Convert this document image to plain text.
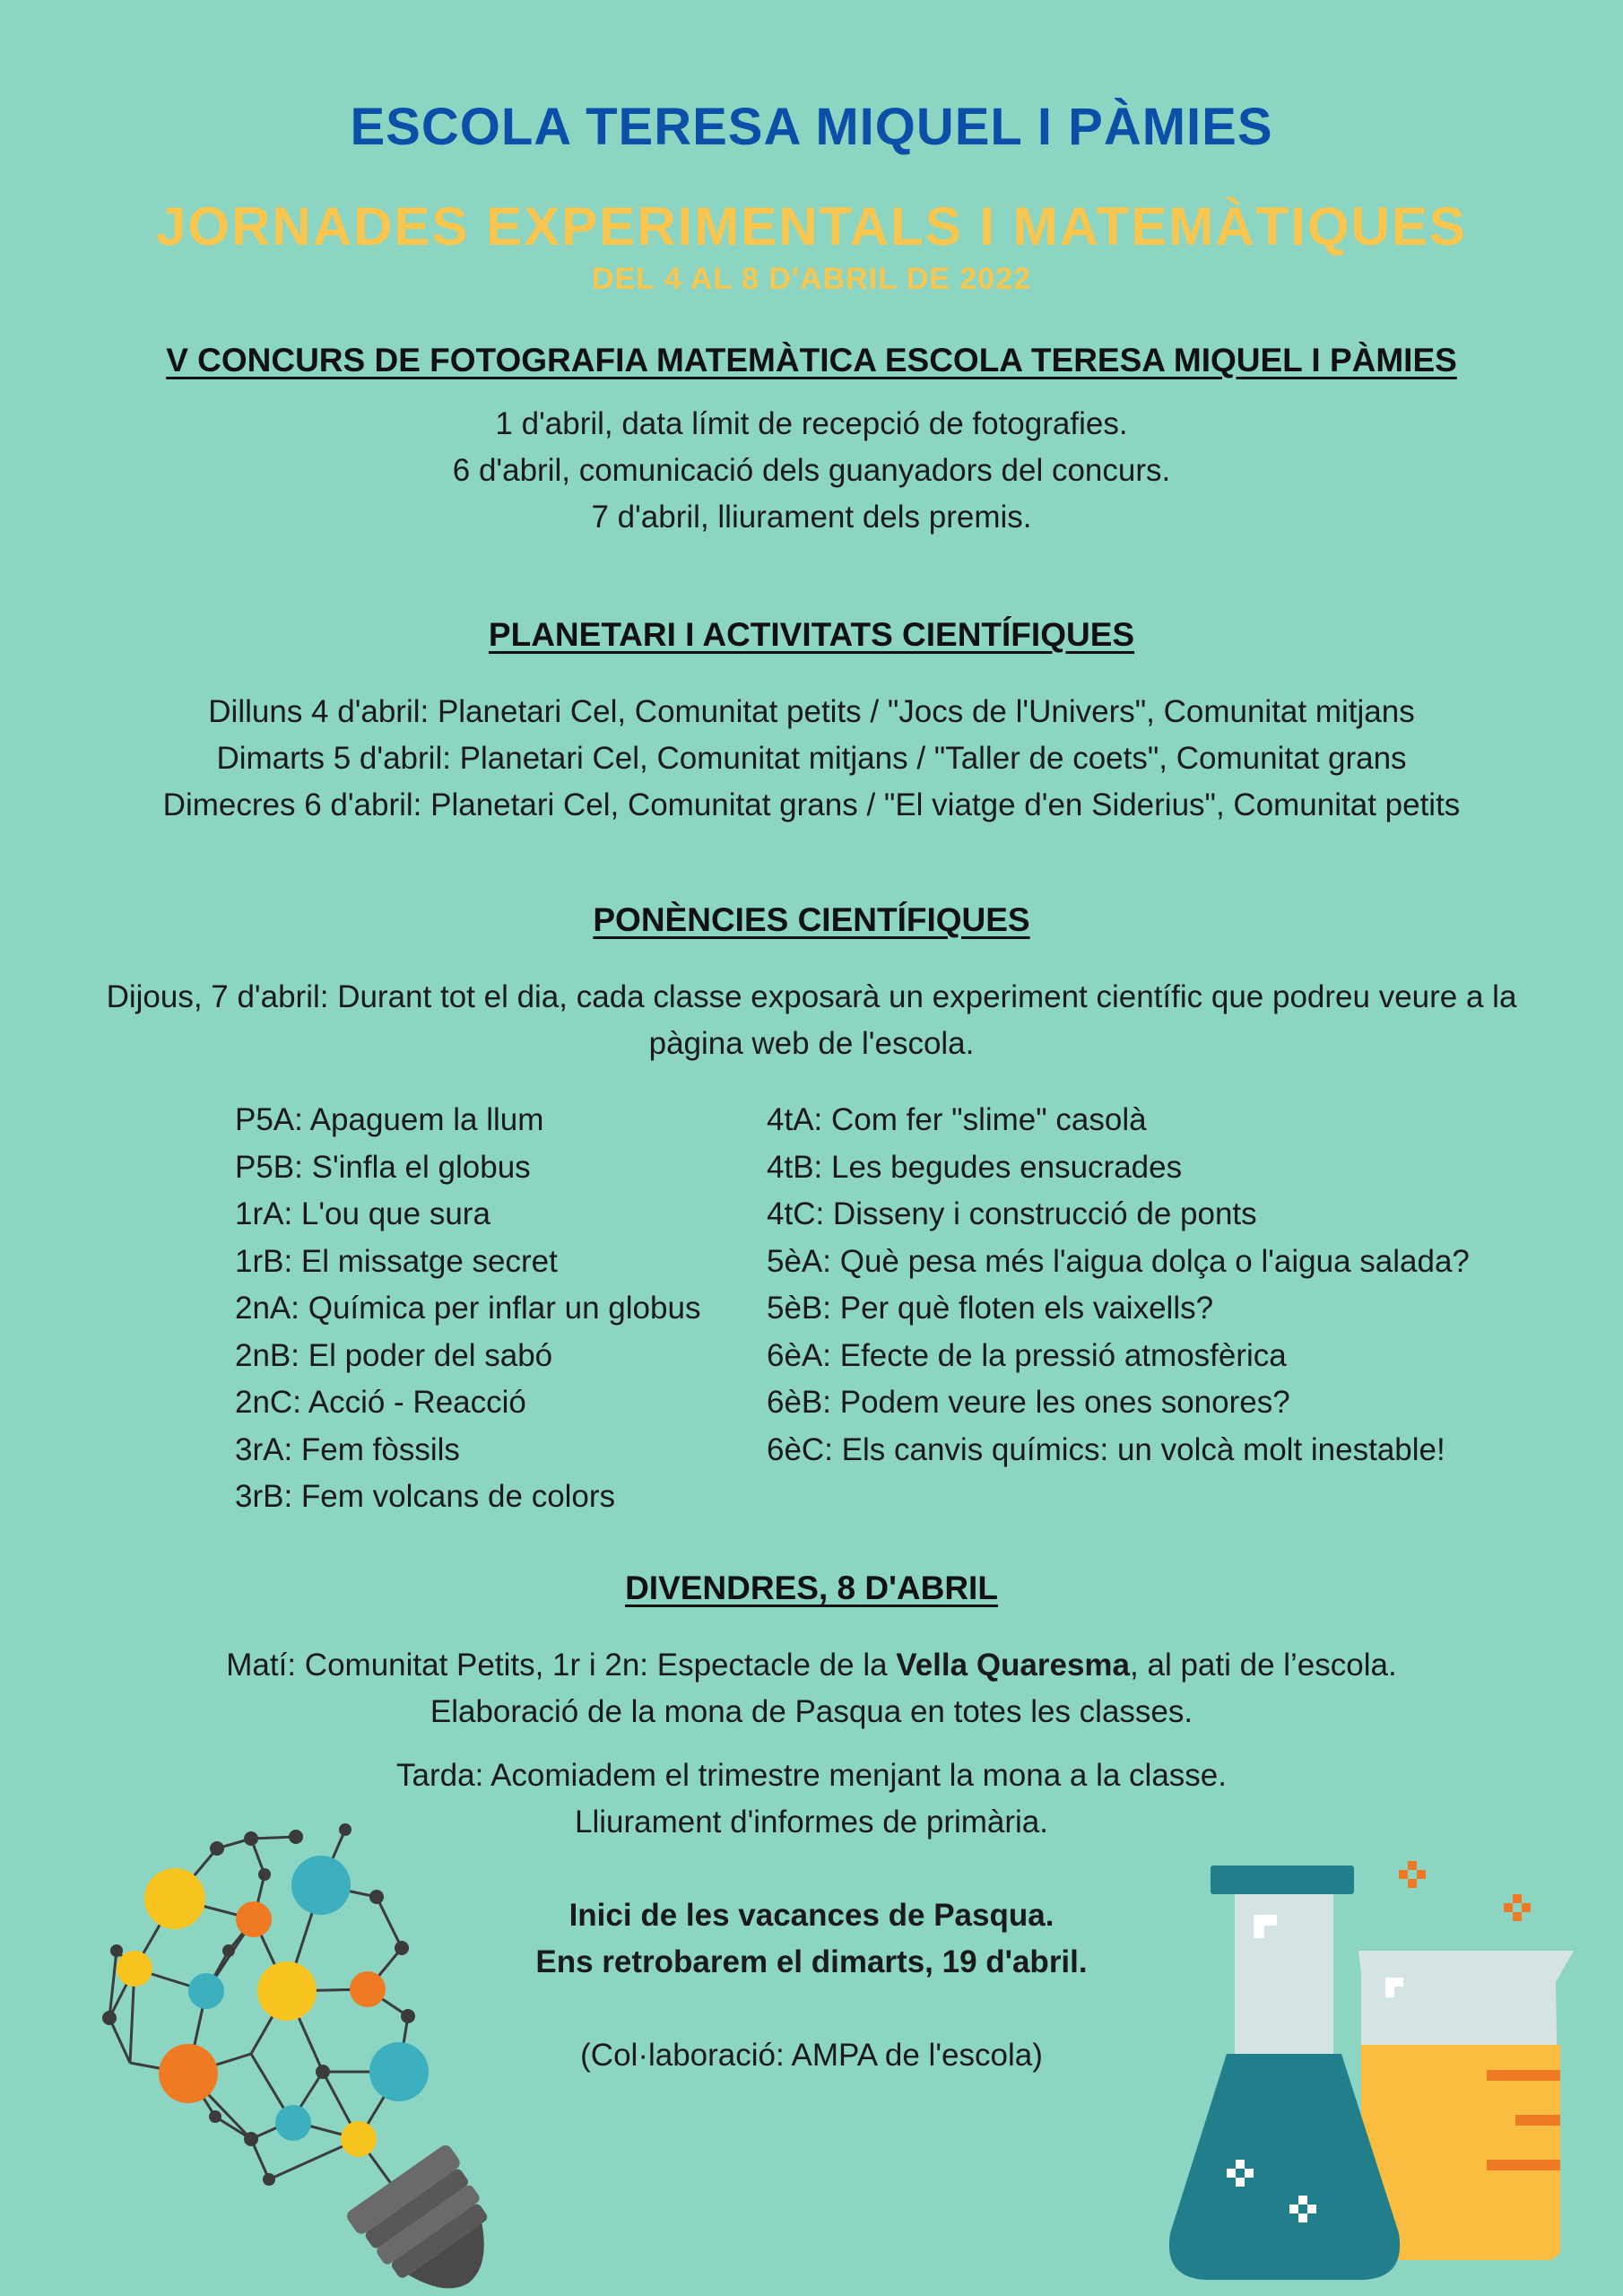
ESCOLA TERESA MIQUEL I PÀMIES
JORNADES EXPERIMENTALS I MATEMÀTIQUES
DEL 4 AL 8 D'ABRIL DE 2022
V CONCURS DE FOTOGRAFIA MATEMÀTICA ESCOLA TERESA MIQUEL I PÀMIES
1 d'abril, data límit de recepció de fotografies.
6 d'abril, comunicació dels guanyadors del concurs.
7 d'abril, lliurament dels premis.
PLANETARI I ACTIVITATS CIENTÍFIQUES
Dilluns 4 d'abril: Planetari Cel, Comunitat petits / "Jocs de l'Univers", Comunitat mitjans
Dimarts 5 d'abril: Planetari Cel, Comunitat mitjans / "Taller de coets", Comunitat grans
Dimecres 6 d'abril: Planetari Cel, Comunitat grans / "El viatge d'en Siderius", Comunitat petits
PONÈNCIES CIENTÍFIQUES
Dijous, 7 d'abril: Durant tot el dia, cada classe exposarà un experiment científic que podreu veure a la pàgina web de l'escola.
P5A: Apaguem la llum
P5B: S'infla el globus
1rA: L'ou que sura
1rB: El missatge secret
2nA: Química per inflar un globus
2nB: El poder del sabó
2nC: Acció - Reacció
3rA: Fem fòssils
3rB: Fem volcans de colors
4tA: Com fer "slime" casolà
4tB: Les begudes ensucrades
4tC: Disseny i construcció de ponts
5èA: Què pesa més l'aigua dolça o l'aigua salada?
5èB: Per què floten els vaixells?
6èA: Efecte de la pressió atmosfèrica
6èB: Podem veure les ones sonores?
6èC: Els canvis químics: un volcà molt inestable!
DIVENDRES, 8 D'ABRIL
Matí: Comunitat Petits, 1r i 2n: Espectacle de la Vella Quaresma, al pati de l’escola.
Elaboració de la mona de Pasqua en totes les classes.
Tarda: Acomiadem el trimestre menjant la mona a la classe.
Lliurament d'informes de primària.
Inici de les vacances de Pasqua.
Ens retrobarem el dimarts, 19 d'abril.
(Col·laboració: AMPA de l'escola)
